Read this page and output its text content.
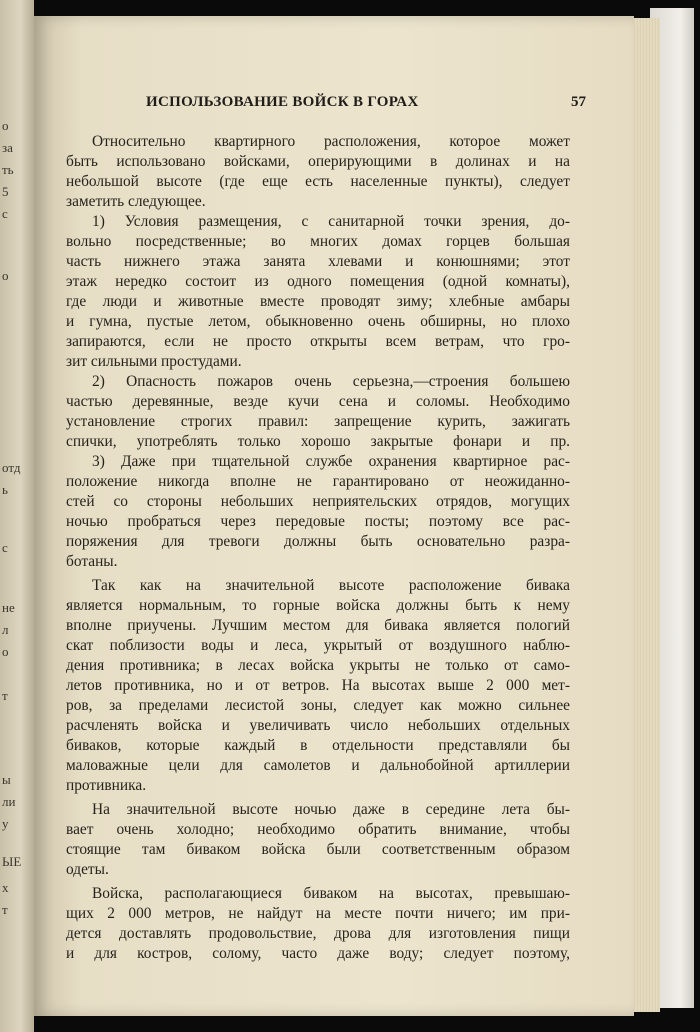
о
за
ть
5
с
о
отд
ь
с
не
л
о
т
ы
ли
у
ЫЕ
х
т
ИСПОЛЬЗОВАНИЕ ВОЙСК В ГОРАХ	57
Относительно квартирного расположения, которое может
быть использовано войсками, оперирующими в долинах и на
небольшой высоте (где еще есть населенные пункты), следует
заметить следующее.
1) Условия размещения, с санитарной точки зрения, до-
вольно посредственные; во многих домах горцев большая
часть нижнего этажа занята хлевами и конюшнями; этот
этаж нередко состоит из одного помещения (одной комнаты),
где люди и животные вместе проводят зиму; хлебные амбары
и гумна, пустые летом, обыкновенно очень обширны, но плохо
запираются, если не просто открыты всем ветрам, что гро-
зит сильными простудами.
2) Опасность пожаров очень серьезна,—строения большею
частью деревянные, везде кучи сена и соломы. Необходимо
установление строгих правил: запрещение курить, зажигать
спички, употреблять только хорошо закрытые фонари и пр.
3) Даже при тщательной службе охранения квартирное рас-
положение никогда вполне не гарантировано от неожиданно-
стей со стороны небольших неприятельских отрядов, могущих
ночью пробраться через передовые посты; поэтому все рас-
поряжения для тревоги должны быть основательно разра-
ботаны.
Так как на значительной высоте расположение бивака
является нормальным, то горные войска должны быть к нему
вполне приучены. Лучшим местом для бивака является пологий
скат поблизости воды и леса, укрытый от воздушного наблю-
дения противника; в лесах войска укрыты не только от само-
летов противника, но и от ветров. На высотах выше 2 000 мет-
ров, за пределами лесистой зоны, следует как можно сильнее
расчленять войска и увеличивать число небольших отдельных
биваков, которые каждый в отдельности представляли бы
маловажные цели для самолетов и дальнобойной артиллерии
противника.
На значительной высоте ночью даже в середине лета бы-
вает очень холодно; необходимо обратить внимание, чтобы
стоящие там биваком войска были соответственным образом
одеты.
Войска, располагающиеся биваком на высотах, превышаю-
щих 2 000 метров, не найдут на месте почти ничего; им при-
дется доставлять продовольствие, дрова для изготовления пищи
и для костров, солому, часто даже воду; следует поэтому,
